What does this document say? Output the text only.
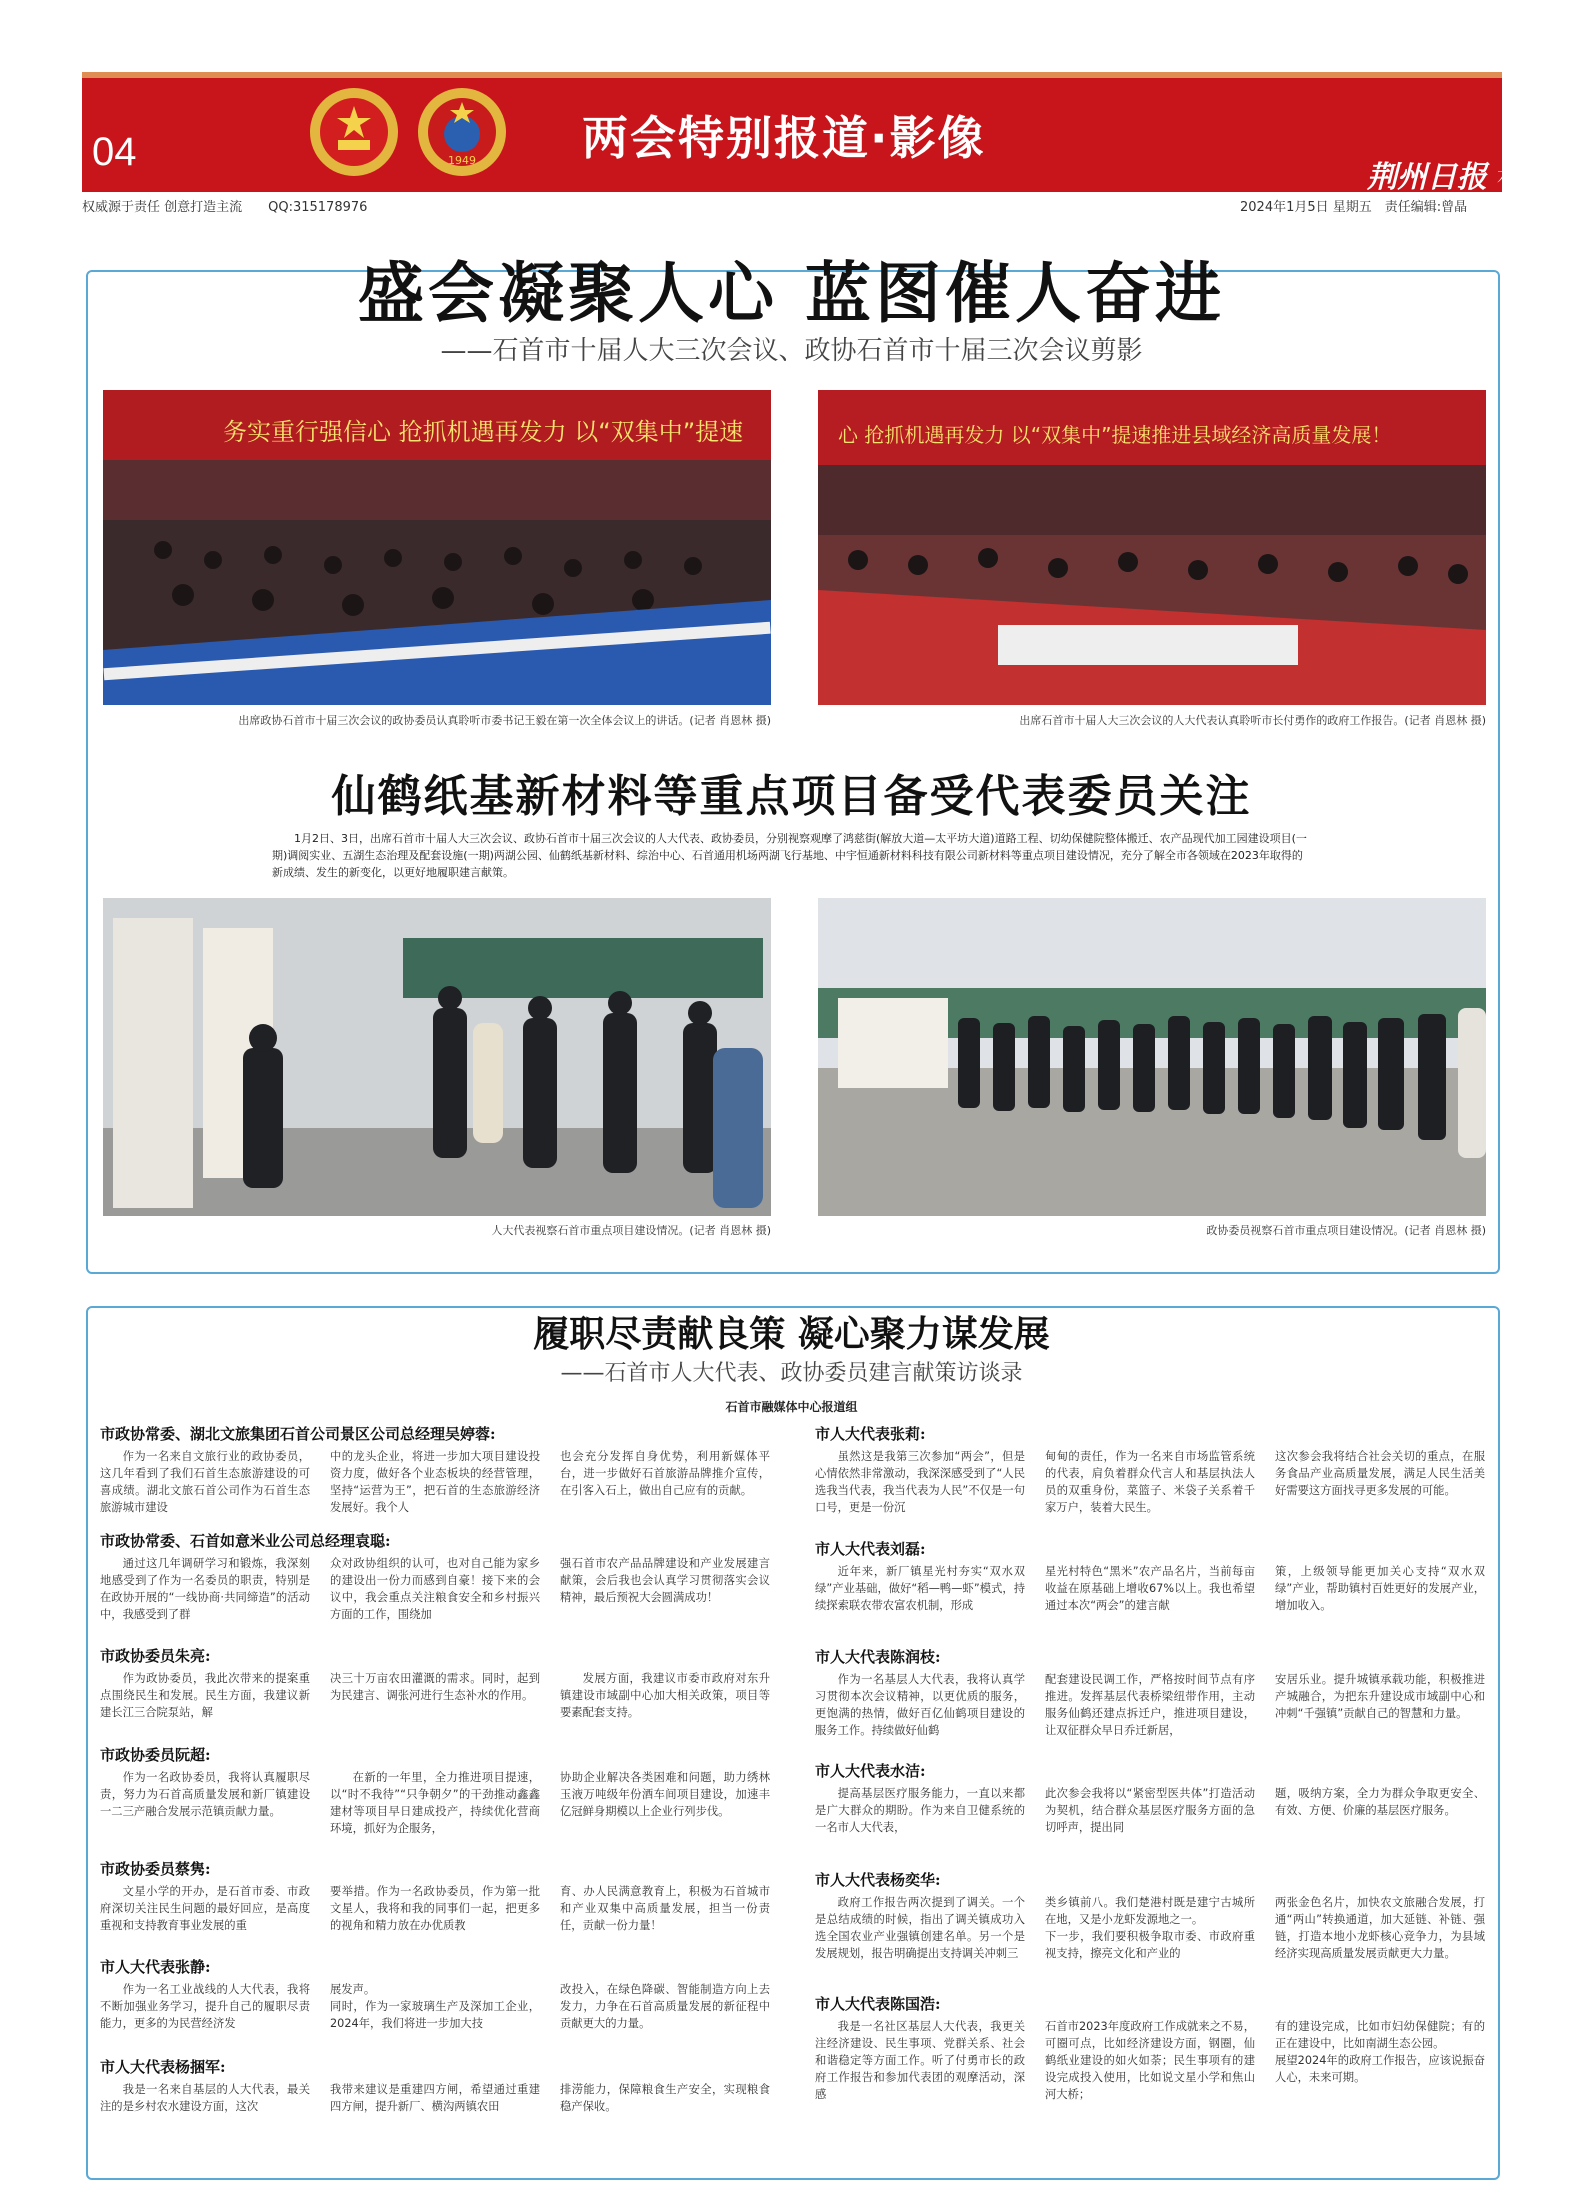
04	1949 两会特别报道·影像
荆州日报 石首新闻
权威源于责任 创意打造主流　　QQ:315178976	2024年1月5日 星期五　责任编辑:曾晶
盛会凝聚人心 蓝图催人奋进
——石首市十届人大三次会议、政协石首市十届三次会议剪影
务实重行强信心 抢抓机遇再发力 以“双集中”提速
出席政协石首市十届三次会议的政协委员认真聆听市委书记王毅在第一次全体会议上的讲话。(记者 肖恩林 摄)
心 抢抓机遇再发力 以“双集中”提速推进县域经济高质量发展！
出席石首市十届人大三次会议的人大代表认真聆听市长付勇作的政府工作报告。(记者 肖恩林 摄)
仙鹤纸基新材料等重点项目备受代表委员关注
1月2日、3日，出席石首市十届人大三次会议、政协石首市十届三次会议的人大代表、政协委员，分别视察观摩了鸿慈街(解放大道—太平坊大道)道路工程、切幼保健院整体搬迁、农产品现代加工园建设项目(一期)调阅实业、五湖生态治理及配套设施(一期)两湖公园、仙鹤纸基新材料、综治中心、石首通用机场两湖飞行基地、中宇恒通新材料科技有限公司新材料等重点项目建设情况，充分了解全市各领域在2023年取得的新成绩、发生的新变化，以更好地履职建言献策。
人大代表视察石首市重点项目建设情况。(记者 肖恩林 摄)	政协委员视察石首市重点项目建设情况。(记者 肖恩林 摄)
履职尽责献良策 凝心聚力谋发展
——石首市人大代表、政协委员建言献策访谈录
石首市融媒体中心报道组
市政协常委、湖北文旅集团石首公司景区公司总经理吴婷蓉:
作为一名来自文旅行业的政协委员，这几年看到了我们石首生态旅游建设的可喜成绩。湖北文旅石首公司作为石首生态旅游城市建设
中的龙头企业，将进一步加大项目建设投资力度，做好各个业态板块的经营管理，坚持“运营为王”，把石首的生态旅游经济发展好。我个人
也会充分发挥自身优势，利用新媒体平台，进一步做好石首旅游品牌推介宣传，在引客入石上，做出自己应有的贡献。
市政协常委、石首如意米业公司总经理袁聪:
通过这几年调研学习和锻炼，我深刻地感受到了作为一名委员的职责，特别是在政协开展的“一线协商·共同缔造”的活动中，我感受到了群
众对政协组织的认可，也对自己能为家乡的建设出一份力而感到自豪！接下来的会议中，我会重点关注粮食安全和乡村振兴方面的工作，围绕加
强石首市农产品品牌建设和产业发展建言献策，会后我也会认真学习贯彻落实会议精神，最后预祝大会圆满成功！
市政协委员朱亮:
作为政协委员，我此次带来的提案重点围绕民生和发展。民生方面，我建议新建长江三合院泵站，解
决三十万亩农田灌溉的需求。同时，起到为民建言、调张河进行生态补水的作用。
发展方面，我建议市委市政府对东升镇建设市域副中心加大相关政策，项目等要素配套支持。
市政协委员阮超:
作为一名政协委员，我将认真履职尽责，努力为石首高质量发展和新厂镇建设一二三产融合发展示范镇贡献力量。
在新的一年里，全力推进项目提速，以“时不我待”“只争朝夕”的干劲推动鑫鑫建材等项目早日建成投产，持续优化营商环境，抓好为企服务，
协助企业解决各类困难和问题，助力绣林玉液万吨级年份酒车间项目建设，加速丰亿冠鲜身期模以上企业行列步伐。
市政协委员蔡隽:
文星小学的开办，是石首市委、市政府深切关注民生问题的最好回应，是高度重视和支持教育事业发展的重
要举措。作为一名政协委员，作为第一批文星人，我将和我的同事们一起，把更多的视角和精力放在办优质教
育、办人民满意教育上，积极为石首城市和产业双集中高质量发展，担当一份责任，贡献一份力量！
市人大代表张静:
作为一名工业战线的人大代表，我将不断加强业务学习，提升自己的履职尽责能力，更多的为民营经济发
展发声。
同时，作为一家玻璃生产及深加工企业，2024年，我们将进一步加大技
改投入，在绿色降碳、智能制造方向上去发力，力争在石首高质量发展的新征程中贡献更大的力量。
市人大代表杨捆军:
我是一名来自基层的人大代表，最关注的是乡村农水建设方面，这次
我带来建议是重建四方闸，希望通过重建四方闸，提升新厂、横沟两镇农田
排涝能力，保障粮食生产安全，实现粮食稳产保收。
市人大代表张莉:
虽然这是我第三次参加“两会”，但是心情依然非常激动，我深深感受到了“人民选我当代表，我当代表为人民”不仅是一句口号，更是一份沉
甸甸的责任，作为一名来自市场监管系统的代表，肩负着群众代言人和基层执法人员的双重身份，菜篮子、米袋子关系着千家万户，装着大民生。
这次参会我将结合社会关切的重点，在服务食品产业高质量发展，满足人民生活美好需要这方面找寻更多发展的可能。
市人大代表刘磊:
近年来，新厂镇星光村夯实“双水双绿”产业基础，做好“稻—鸭—虾”模式，持续探索联农带农富农机制，形成
星光村特色“黑米”农产品名片，当前每亩收益在原基础上增收67%以上。我也希望通过本次“两会”的建言献
策，上级领导能更加关心支持“双水双绿”产业，帮助镇村百姓更好的发展产业，增加收入。
市人大代表陈润枝:
作为一名基层人大代表，我将认真学习贯彻本次会议精神，以更优质的服务，更饱满的热情，做好百亿仙鹤项目建设的服务工作。持续做好仙鹤
配套建设民调工作，严格按时间节点有序推进。发挥基层代表桥梁纽带作用，主动服务仙鹤还建点拆迁户，推进项目建设，让双征群众早日乔迁新居，
安居乐业。提升城镇承载功能，积极推进产城融合，为把东升建设成市域副中心和冲刺“千强镇”贡献自己的智慧和力量。
市人大代表水洁:
提高基层医疗服务能力，一直以来都是广大群众的期盼。作为来自卫健系统的一名市人大代表，
此次参会我将以“紧密型医共体”打造活动为契机，结合群众基层医疗服务方面的急切呼声，提出同
题，吸纳方案，全力为群众争取更安全、有效、方便、价廉的基层医疗服务。
市人大代表杨奕华:
政府工作报告两次提到了调关。一个是总结成绩的时候，指出了调关镇成功入选全国农业产业强镇创建名单。另一个是发展规划，报告明确提出支持调关冲刺三
类乡镇前八。我们楚港村既是建宁古城所在地，又是小龙虾发源地之一。
下一步，我们要积极争取市委、市政府重视支持，擦亮文化和产业的
两张金色名片，加快农文旅融合发展，打通“两山”转换通道，加大延链、补链、强链，打造本地小龙虾核心竞争力，为县域经济实现高质量发展贡献更大力量。
市人大代表陈国浩:
我是一名社区基层人大代表，我更关注经济建设、民生事项、党群关系、社会和谐稳定等方面工作。听了付勇市长的政府工作报告和参加代表团的观摩活动，深感
石首市2023年度政府工作成就来之不易，可圈可点，比如经济建设方面，钢圈，仙鹤纸业建设的如火如荼；民生事项有的建设完成投入使用，比如说文星小学和焦山河大桥；
有的建设完成，比如市妇幼保健院；有的正在建设中，比如南湖生态公园。
展望2024年的政府工作报告，应该说振奋人心，未来可期。
